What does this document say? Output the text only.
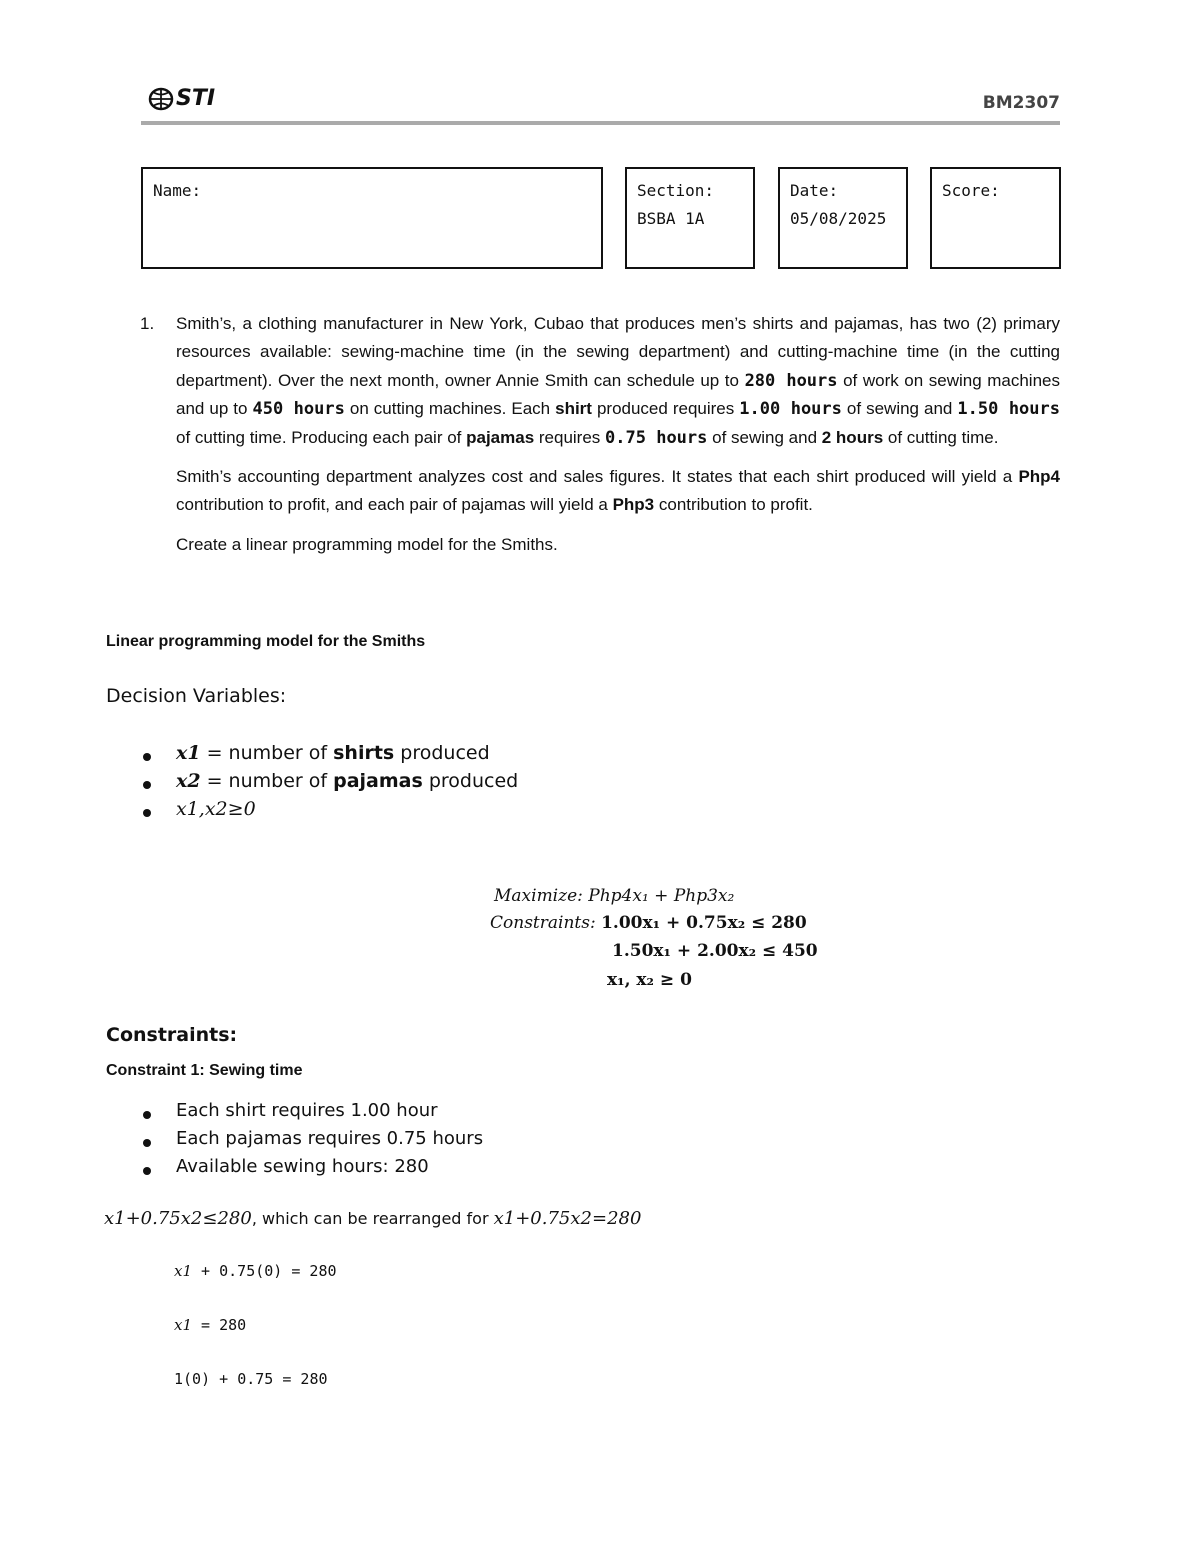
STI	BM2307
Name:	Section:
BSBA 1A
Date:
05/08/2025
Score:
1.	Smith’s, a clothing manufacturer in New York, Cubao that produces men’s shirts and pajamas, has two (2) primary resources available: sewing-machine time (in the sewing department) and cutting-machine time (in the cutting department). Over the next month, owner Annie Smith can schedule up to 280 hours of work on sewing machines and up to 450 hours on cutting machines. Each shirt produced requires 1.00 hours of sewing and 1.50 hours of cutting time. Producing each pair of pajamas requires 0.75 hours of sewing and 2 hours of cutting time.

Smith’s accounting department analyzes cost and sales figures. It states that each shirt produced will yield a Php4 contribution to profit, and each pair of pajamas will yield a Php3 contribution to profit.

Create a linear programming model for the Smiths.

Linear programming model for the Smiths
Decision Variables:
x1 = number of shirts produced
x2 = number of pajamas produced
x1,x2≥0
Maximize: Php4x₁ + Php3x₂
Constraints: 1.00x₁ + 0.75x₂ ≤ 280
1.50x₁ + 2.00x₂ ≤ 450
x₁, x₂ ≥ 0
Constraints:
Constraint 1: Sewing time
Each shirt requires 1.00 hour
Each pajamas requires 0.75 hours
Available sewing hours: 280
x1+0.75x2≤280, which can be rearranged for x1+0.75x2=280
x1 + 0.75(0) = 280
x1 = 280
1(0) + 0.75 = 280
